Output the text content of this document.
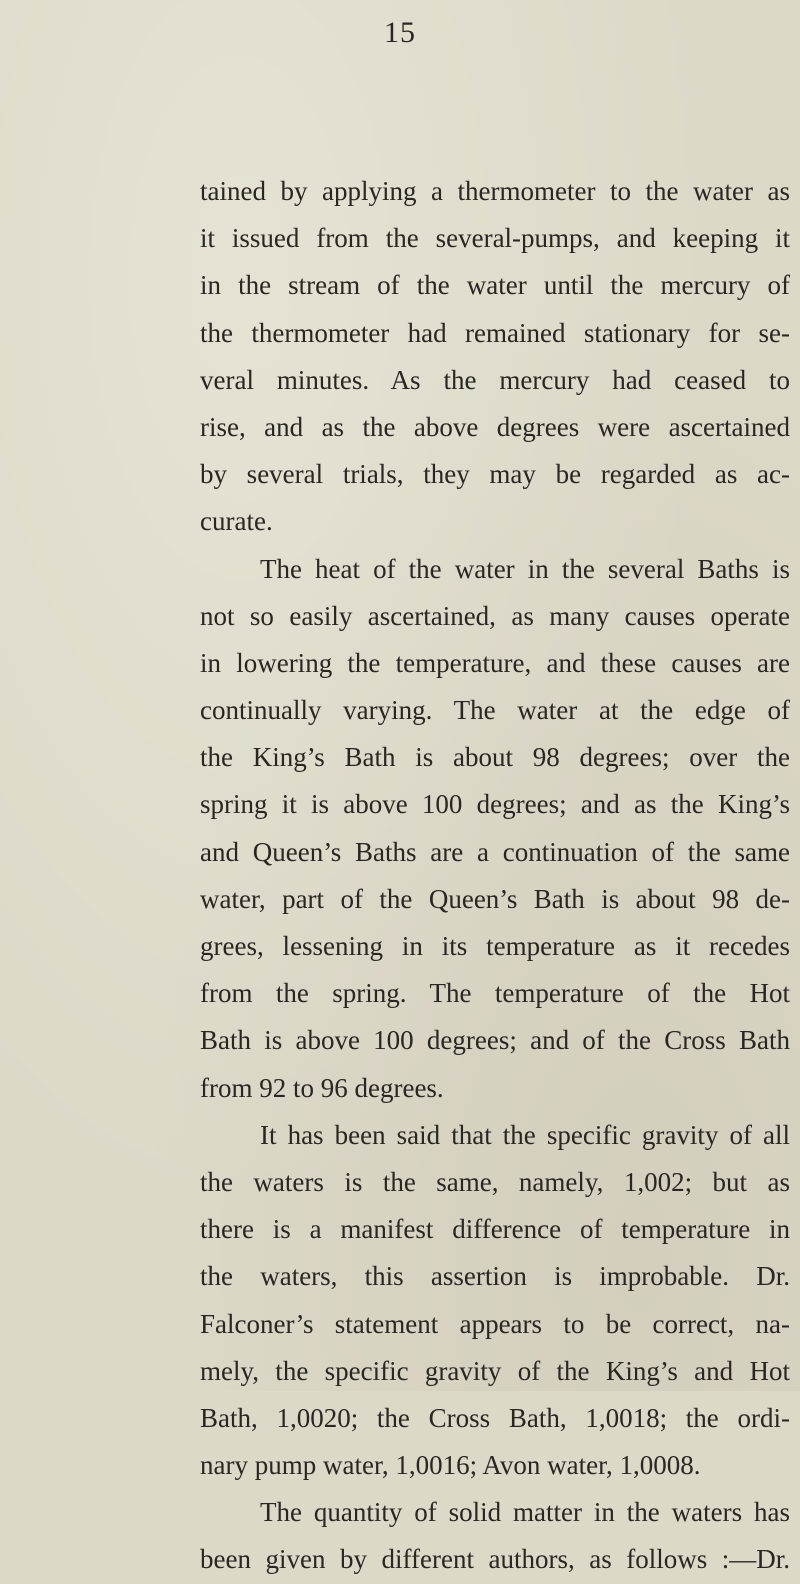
15
tained by applying a thermometer to the water as
it issued from the several-pumps, and keeping it
in the stream of the water until the mercury of
the thermometer had remained stationary for se-
veral minutes. As the mercury had ceased to
rise, and as the above degrees were ascertained
by several trials, they may be regarded as ac-
curate.
The heat of the water in the several Baths is
not so easily ascertained, as many causes operate
in lowering the temperature, and these causes are
continually varying. The water at the edge of
the King’s Bath is about 98 degrees; over the
spring it is above 100 degrees; and as the King’s
and Queen’s Baths are a continuation of the same
water, part of the Queen’s Bath is about 98 de-
grees, lessening in its temperature as it recedes
from the spring. The temperature of the Hot
Bath is above 100 degrees; and of the Cross Bath
from 92 to 96 degrees.
It has been said that the specific gravity of all
the waters is the same, namely, 1,002; but as
there is a manifest difference of temperature in
the waters, this assertion is improbable. Dr.
Falconer’s statement appears to be correct, na-
mely, the specific gravity of the King’s and Hot
Bath, 1,0020; the Cross Bath, 1,0018; the ordi-
nary pump water, 1,0016; Avon water, 1,0008.
The quantity of solid matter in the waters has
been given by different authors, as follows :—Dr.
